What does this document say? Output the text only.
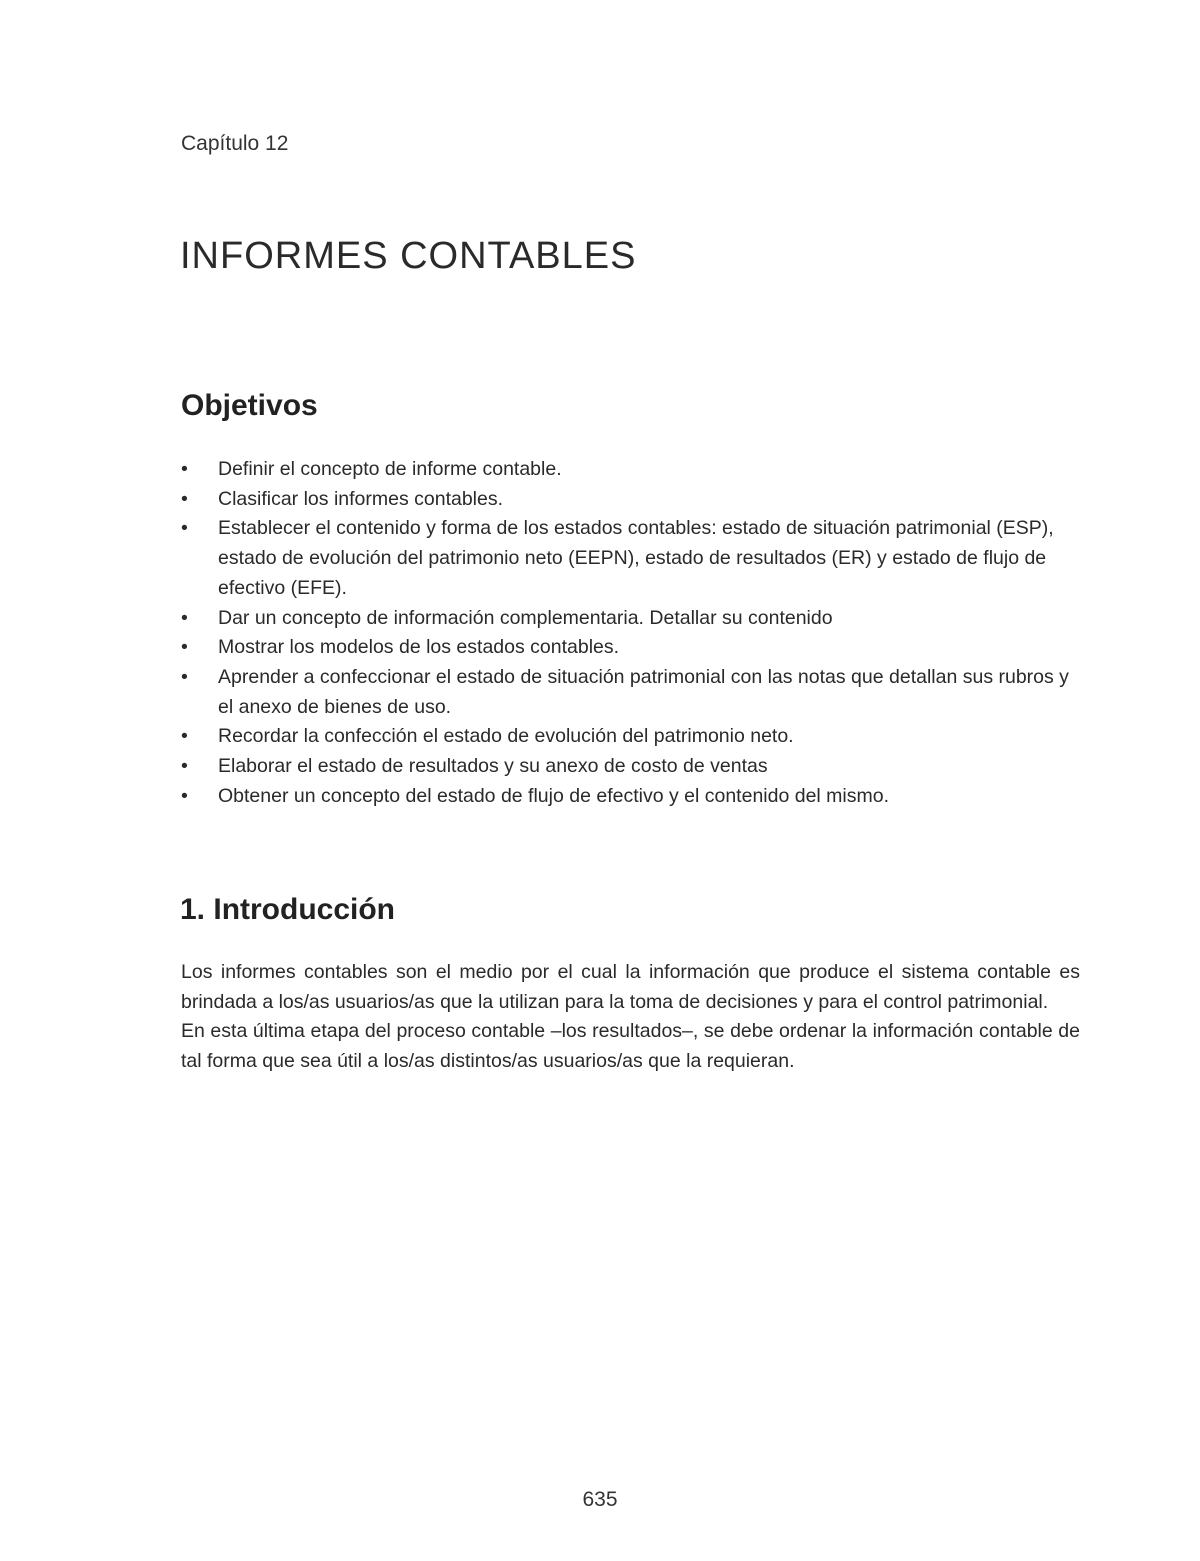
Capítulo 12
INFORMES CONTABLES
Objetivos
• Definir el concepto de informe contable.
• Clasificar los informes contables.
• Establecer el contenido y forma de los estados contables: estado de situación patrimonial (ESP), estado de evolución del patrimonio neto (EEPN), estado de resultados (ER) y estado de flujo de efectivo (EFE).
• Dar un concepto de información complementaria. Detallar su contenido
• Mostrar los modelos de los estados contables.
• Aprender a confeccionar el estado de situación patrimonial con las notas que detallan sus rubros y el anexo de bienes de uso.
• Recordar la confección el estado de evolución del patrimonio neto.
• Elaborar el estado de resultados y su anexo de costo de ventas
• Obtener un concepto del estado de flujo de efectivo y el contenido del mismo.
1. Introducción

Los informes contables son el medio por el cual la información que produce el sistema contable es brindada a los/as usuarios/as que la utilizan para la toma de decisiones y para el control patrimonial.

En esta última etapa del proceso contable –los resultados–, se debe ordenar la información contable de tal forma que sea útil a los/as distintos/as usuarios/as que la requieran.

635
